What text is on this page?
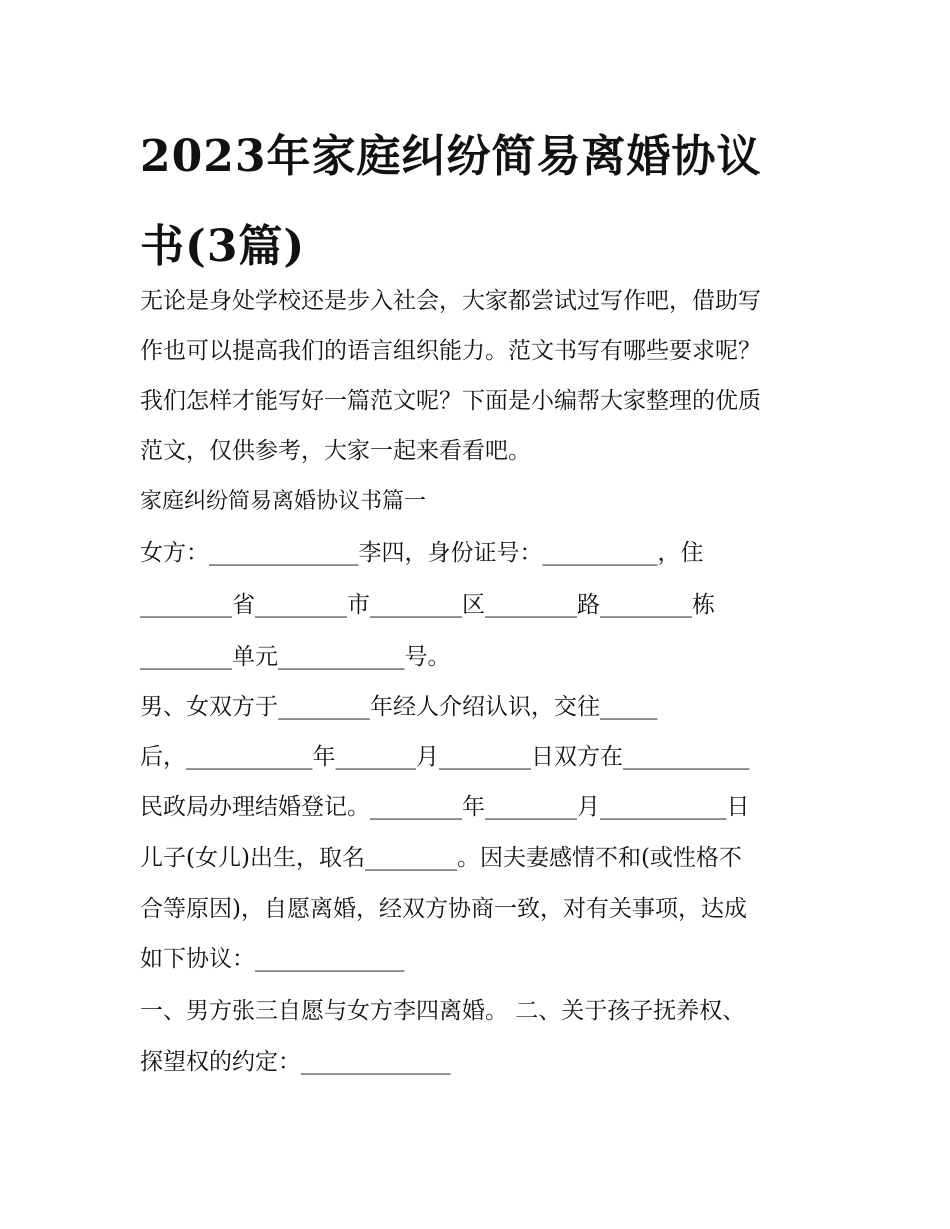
2023年家庭纠纷简易离婚协议
书(3篇)

无论是身处学校还是步入社会，大家都尝试过写作吧，借助写

作也可以提高我们的语言组织能力。范文书写有哪些要求呢？

我们怎样才能写好一篇范文呢？下面是小编帮大家整理的优质

范文，仅供参考，大家一起来看看吧。

家庭纠纷简易离婚协议书篇一

女方：_____________李四，身份证号：__________，住

________省________市________区________路________栋

________单元___________号。

男、女双方于________年经人介绍认识，交往_____

后，___________年_______月________日双方在___________

民政局办理结婚登记。________年________月___________日

儿子(女儿)出生，取名________。因夫妻感情不和(或性格不

合等原因)，自愿离婚，经双方协商一致，对有关事项，达成

如下协议：_____________

一、男方张三自愿与女方李四离婚。 二、关于孩子抚养权、

探望权的约定：_____________
